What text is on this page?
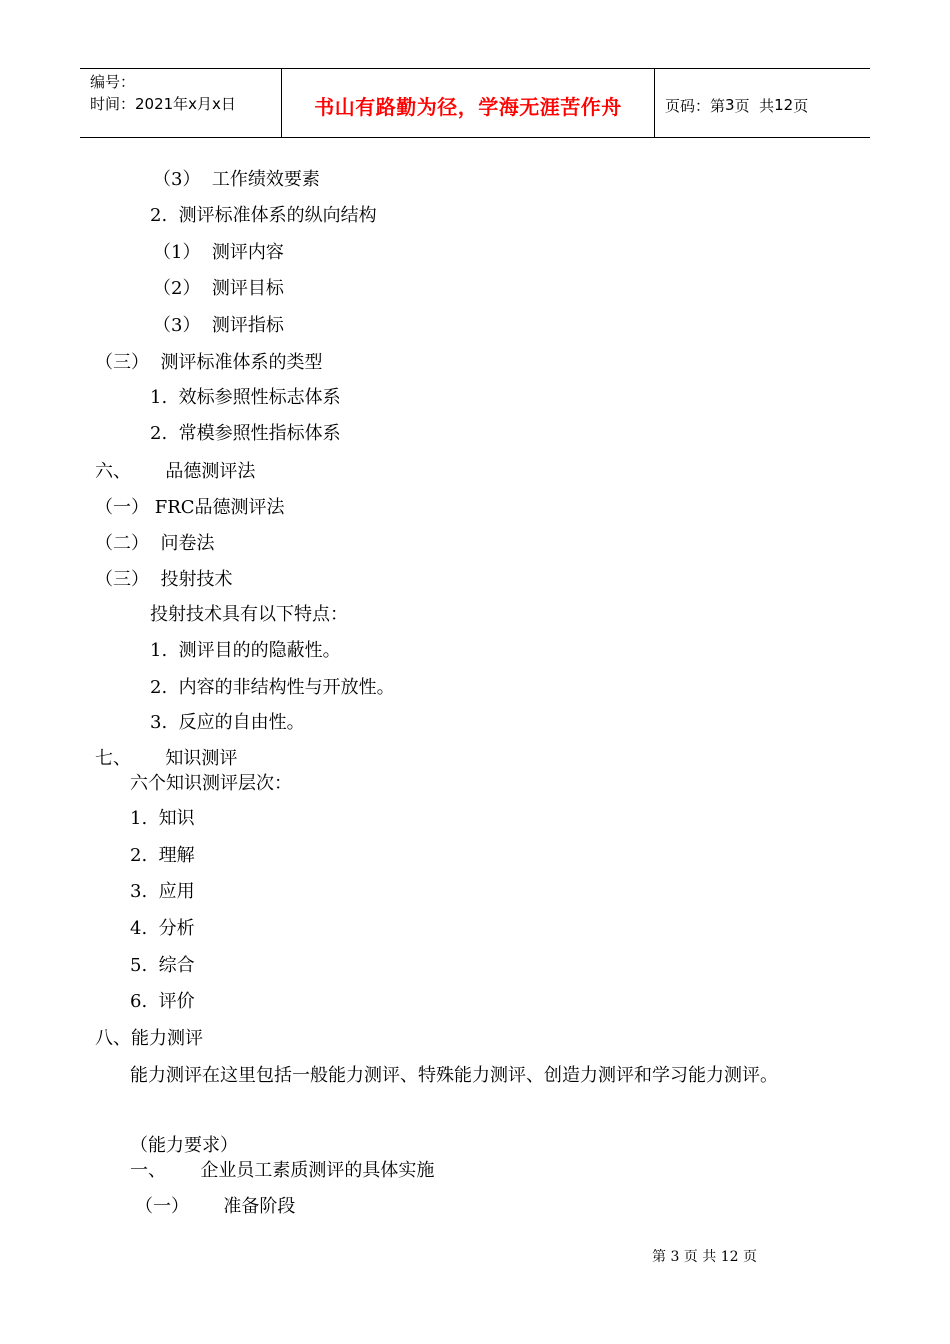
编号：
时间：2021年x月x日	书山有路勤为径，学海无涯苦作舟	页码：第 3 页  共 12 页
（3）  工作绩效要素
2.  测评标准体系的纵向结构
（1）  测评内容
（2）  测评目标
（3）  测评指标
（三）  测评标准体系的类型
1.  效标参照性标志体系
2.  常模参照性指标体系
六、      品德测评法
（一） FRC品德测评法
（二）  问卷法
（三）  投射技术
投射技术具有以下特点：
1.  测评目的的隐蔽性。
2.  内容的非结构性与开放性。
3.  反应的自由性。
七、      知识测评
六个知识测评层次：
1.  知识
2.  理解
3.  应用
4.  分析
5.  综合
6.  评价
八、能力测评
能力测评在这里包括一般能力测评、特殊能力测评、创造力测评和学习能力测评。
（能力要求）
一、      企业员工素质测评的具体实施
（一）      准备阶段
第 3 页 共 12 页
